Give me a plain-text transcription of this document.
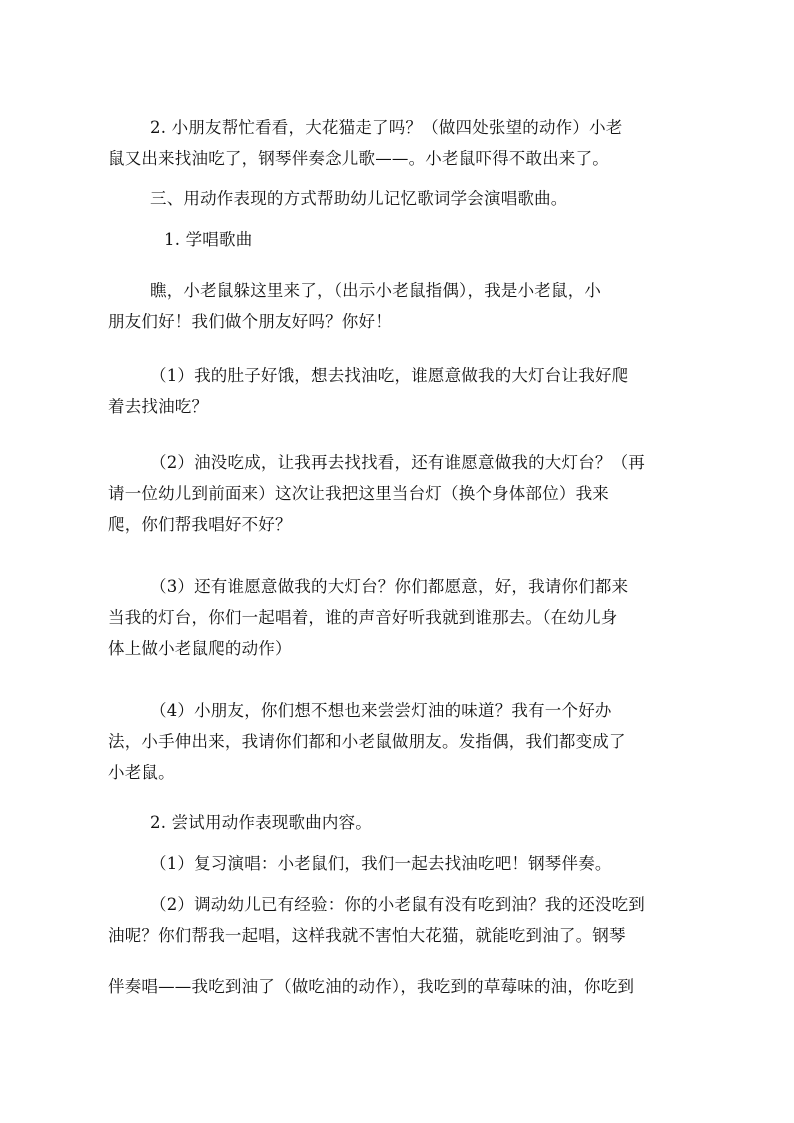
2. 小朋友帮忙看看，大花猫走了吗？（做四处张望的动作）小老
鼠又出来找油吃了，钢琴伴奏念儿歌——。小老鼠吓得不敢出来了。
三、用动作表现的方式帮助幼儿记忆歌词学会演唱歌曲。
1. 学唱歌曲
瞧，小老鼠躲这里来了，（出示小老鼠指偶），我是小老鼠，小
朋友们好！我们做个朋友好吗？你好！
（1）我的肚子好饿，想去找油吃，谁愿意做我的大灯台让我好爬
着去找油吃？
（2）油没吃成，让我再去找找看，还有谁愿意做我的大灯台？（再
请一位幼儿到前面来）这次让我把这里当台灯（换个身体部位）我来
爬，你们帮我唱好不好？
（3）还有谁愿意做我的大灯台？你们都愿意，好，我请你们都来
当我的灯台，你们一起唱着，谁的声音好听我就到谁那去。（在幼儿身
体上做小老鼠爬的动作）
（4）小朋友，你们想不想也来尝尝灯油的味道？我有一个好办
法，小手伸出来，我请你们都和小老鼠做朋友。发指偶，我们都变成了
小老鼠。
2. 尝试用动作表现歌曲内容。
（1）复习演唱：小老鼠们，我们一起去找油吃吧！钢琴伴奏。
（2）调动幼儿已有经验：你的小老鼠有没有吃到油？我的还没吃到
油呢？你们帮我一起唱，这样我就不害怕大花猫，就能吃到油了。钢琴
伴奏唱——我吃到油了（做吃油的动作），我吃到的草莓味的油，你吃到
